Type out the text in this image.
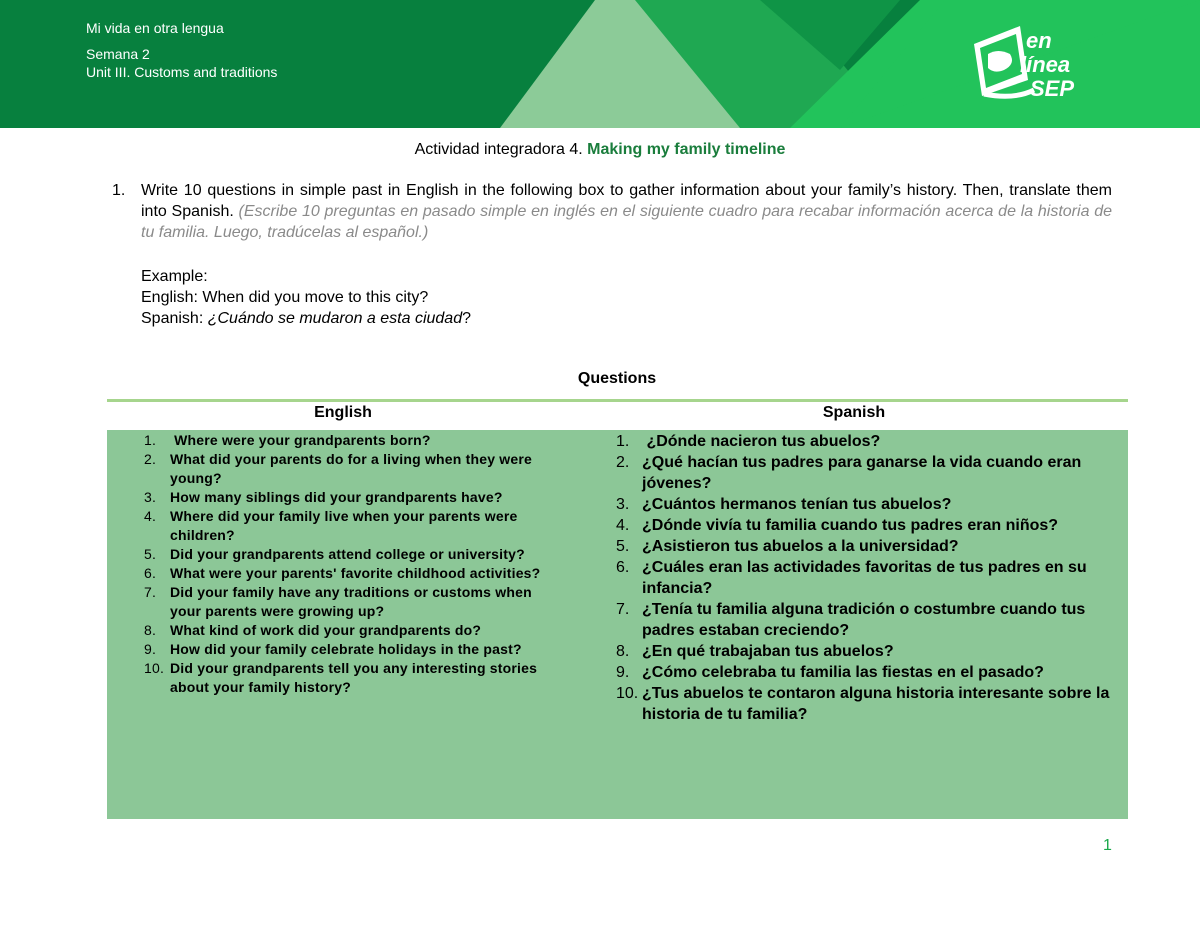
Mi vida en otra lengua
Semana 2
Unit III. Customs and traditions
en
línea
SEP
Actividad integradora 4. Making my family timeline
1. Write 10 questions in simple past in English in the following box to gather information about your family’s history. Then, translate them into Spanish. (Escribe 10 preguntas en pasado simple en inglés en el siguiente cuadro para recabar información acerca de la historia de tu familia. Luego, tradúcelas al español.)
Example:
English: When did you move to this city?
Spanish: ¿Cuándo se mudaron a esta ciudad?
Questions
English	Spanish
1. Where were your grandparents born?
2. What did your parents do for a living when they were young?
3. How many siblings did your grandparents have?
4. Where did your family live when your parents were children?
5. Did your grandparents attend college or university?
6. What were your parents' favorite childhood activities?
7. Did your family have any traditions or customs when your parents were growing up?
8. What kind of work did your grandparents do?
9. How did your family celebrate holidays in the past?
10. Did your grandparents tell you any interesting stories about your family history?
1. ¿Dónde nacieron tus abuelos?
2. ¿Qué hacían tus padres para ganarse la vida cuando eran jóvenes?
3. ¿Cuántos hermanos tenían tus abuelos?
4. ¿Dónde vivía tu familia cuando tus padres eran niños?
5. ¿Asistieron tus abuelos a la universidad?
6. ¿Cuáles eran las actividades favoritas de tus padres en su infancia?
7. ¿Tenía tu familia alguna tradición o costumbre cuando tus padres estaban creciendo?
8. ¿En qué trabajaban tus abuelos?
9. ¿Cómo celebraba tu familia las fiestas en el pasado?
10. ¿Tus abuelos te contaron alguna historia interesante sobre la historia de tu familia?
1
